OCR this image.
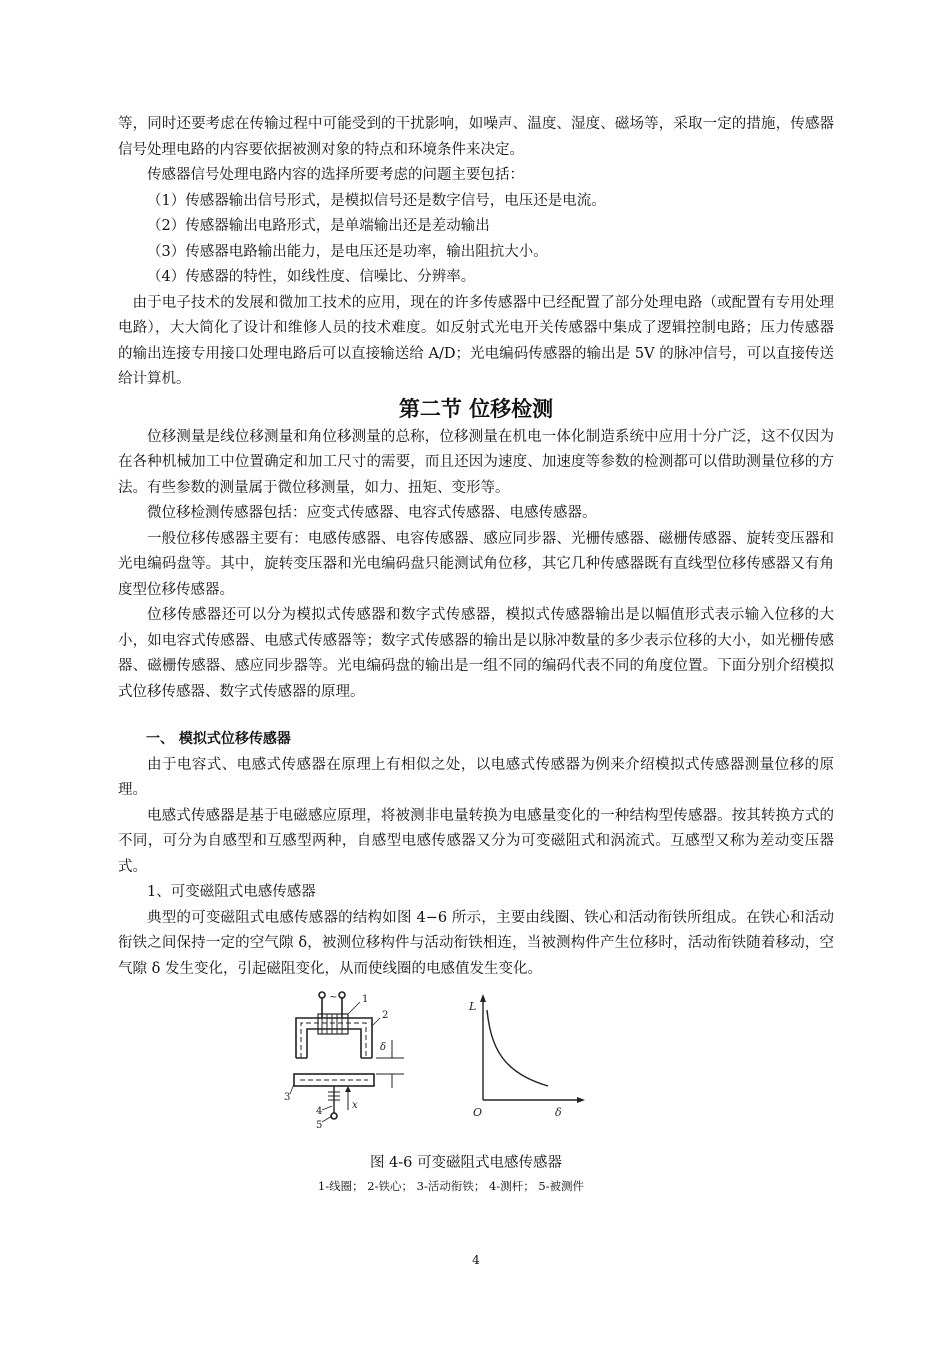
等，同时还要考虑在传输过程中可能受到的干扰影响，如噪声、温度、湿度、磁场等，采取一定的措施，传感器信号处理电路的内容要依据被测对象的特点和环境条件来决定。

传感器信号处理电路内容的选择所要考虑的问题主要包括：

（1）传感器输出信号形式，是模拟信号还是数字信号，电压还是电流。

（2）传感器输出电路形式，是单端输出还是差动输出

（3）传感器电路输出能力，是电压还是功率，输出阻抗大小。

（4）传感器的特性，如线性度、信噪比、分辨率。

由于电子技术的发展和微加工技术的应用，现在的许多传感器中已经配置了部分处理电路（或配置有专用处理电路），大大简化了设计和维修人员的技术难度。如反射式光电开关传感器中集成了逻辑控制电路；压力传感器的输出连接专用接口处理电路后可以直接输送给 A/D；光电编码传感器的输出是 5V 的脉冲信号，可以直接传送给计算机。

第二节 位移检测

位移测量是线位移测量和角位移测量的总称，位移测量在机电一体化制造系统中应用十分广泛，这不仅因为在各种机械加工中位置确定和加工尺寸的需要，而且还因为速度、加速度等参数的检测都可以借助测量位移的方法。有些参数的测量属于微位移测量，如力、扭矩、变形等。

微位移检测传感器包括：应变式传感器、电容式传感器、电感传感器。

一般位移传感器主要有：电感传感器、电容传感器、感应同步器、光栅传感器、磁栅传感器、旋转变压器和光电编码盘等。其中，旋转变压器和光电编码盘只能测试角位移，其它几种传感器既有直线型位移传感器又有角度型位移传感器。

位移传感器还可以分为模拟式传感器和数字式传感器，模拟式传感器输出是以幅值形式表示输入位移的大小，如电容式传感器、电感式传感器等；数字式传感器的输出是以脉冲数量的多少表示位移的大小，如光栅传感器、磁栅传感器、感应同步器等。光电编码盘的输出是一组不同的编码代表不同的角度位置。下面分别介绍模拟式位移传感器、数字式传感器的原理。

一、 模拟式位移传感器

由于电容式、电感式传感器在原理上有相似之处，以电感式传感器为例来介绍模拟式传感器测量位移的原理。

电感式传感器是基于电磁感应原理，将被测非电量转换为电感量变化的一种结构型传感器。按其转换方式的不同，可分为自感型和互感型两种，自感型电感传感器又分为可变磁阻式和涡流式。互感型又称为差动变压器式。

1、可变磁阻式电感传感器

典型的可变磁阻式电感传感器的结构如图 4−6 所示，主要由线圈、铁心和活动衔铁所组成。在铁心和活动衔铁之间保持一定的空气隙 δ，被测位移构件与活动衔铁相连，当被测构件产生位移时，活动衔铁随着移动，空气隙 δ 发生变化，引起磁阻变化，从而使线圈的电感值发生变化。

~ 1
2
3
4
5
δ
x
L
O	δ

图 4-6 可变磁阻式电感传感器

1-线圈； 2-铁心； 3-活动衔铁； 4-测杆； 5-被测件

4
